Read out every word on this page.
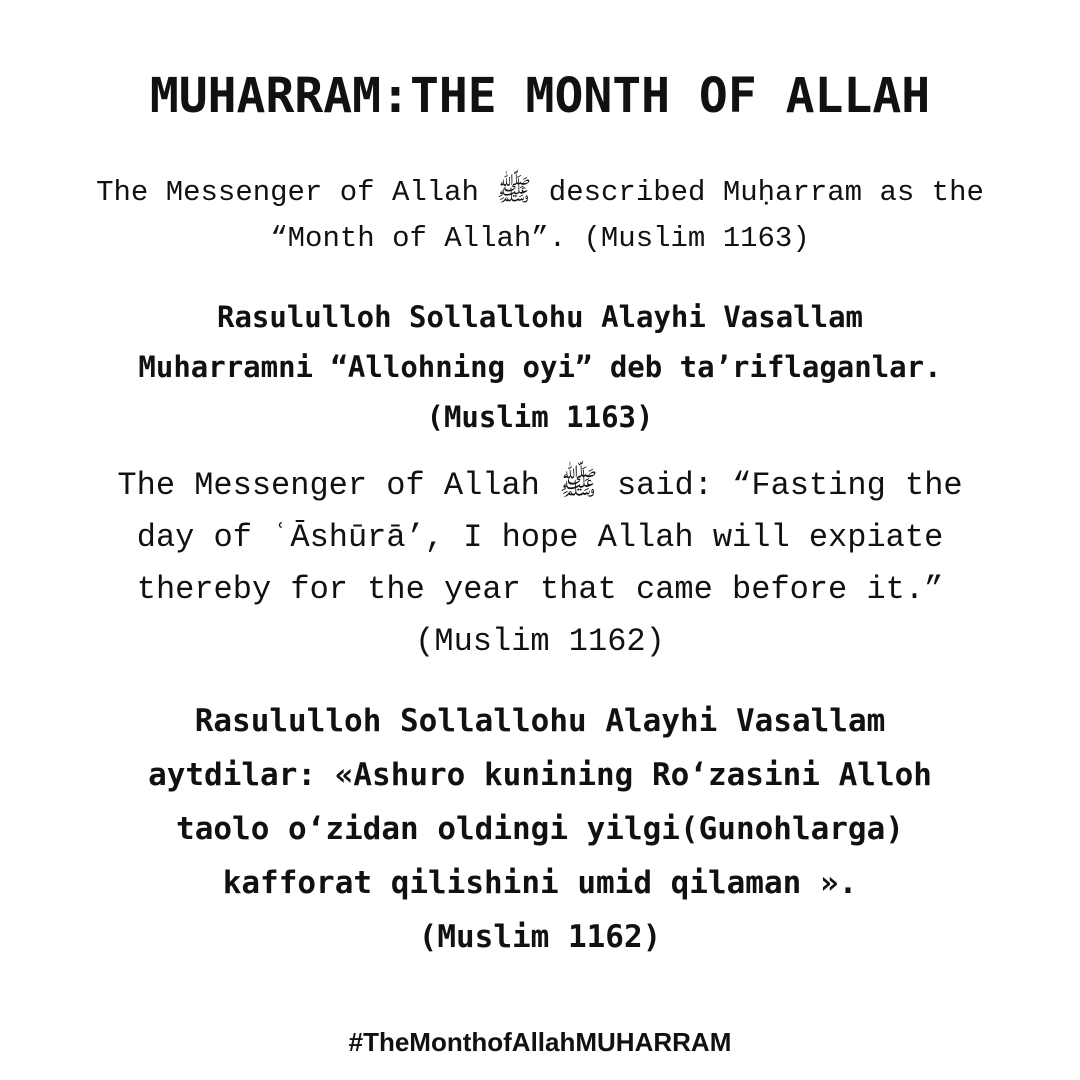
MUHARRAM:THE MONTH OF ALLAH

The Messenger of Allah ﷺ described Muḥarram as the

“Month of Allah”. (Muslim 1163)

Rasululloh Sollallohu Alayhi Vasallam

Muharramni “Allohning oyi” deb ta’riflaganlar.

(Muslim 1163)

The Messenger of Allah ﷺ said: “Fasting the

day of ʿĀshūrā’, I hope Allah will expiate

thereby for the year that came before it.”

(Muslim 1162)

Rasululloh Sollallohu Alayhi Vasallam

aytdilar: «Ashuro kunining Ro‘zasini Alloh

taolo o‘zidan oldingi yilgi(Gunohlarga)

kafforat qilishini umid qilaman ».

(Muslim 1162)

#TheMonthofAllahMUHARRAM
